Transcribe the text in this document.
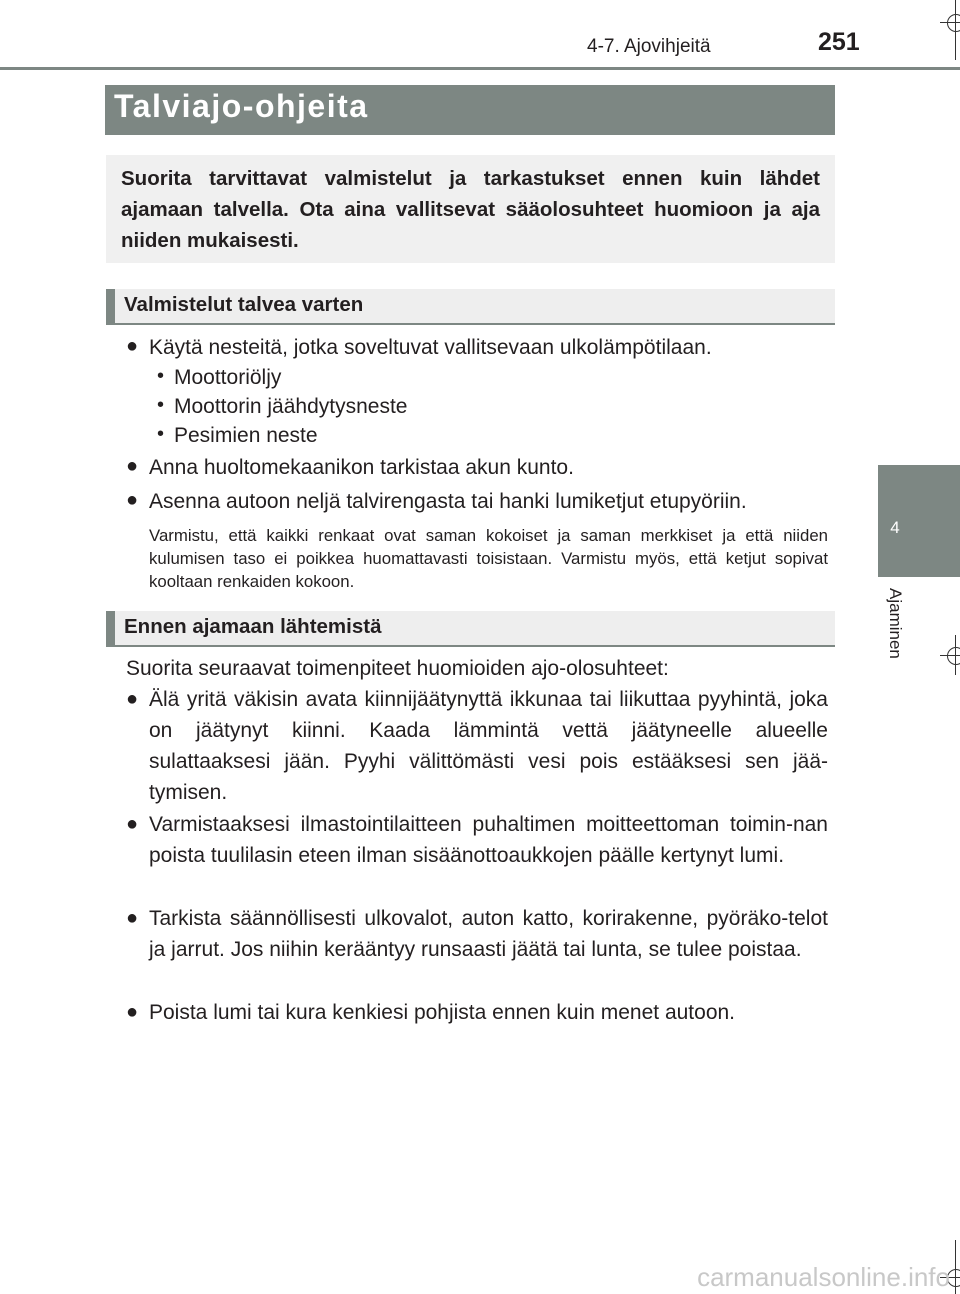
4-7. Ajovihjeitä	251
4
Ajaminen
Talviajo-ohjeita
Suorita tarvittavat valmistelut ja tarkastukset ennen kuin lähdet ajamaan talvella. Ota aina vallitsevat sääolosuhteet huomioon ja aja niiden mukaisesti.
Valmistelut talvea varten
● Käytä nesteitä, jotka soveltuvat vallitsevaan ulkolämpötilaan.
• Moottoriöljy
• Moottorin jäähdytysneste
• Pesimien neste
● Anna huoltomekaanikon tarkistaa akun kunto.
● Asenna autoon neljä talvirengasta tai hanki lumiketjut etupyöriin.
Varmistu, että kaikki renkaat ovat saman kokoiset ja saman merkkiset ja että niiden kulumisen taso ei poikkea huomattavasti toisistaan. Varmistu myös, että ketjut sopivat kooltaan renkaiden kokoon.
Ennen ajamaan lähtemistä
Suorita seuraavat toimenpiteet huomioiden ajo-olosuhteet:
● Älä yritä väkisin avata kiinnijäätynyttä ikkunaa tai liikuttaa pyyhintä, joka on jäätynyt kiinni. Kaada lämmintä vettä jäätyneelle alueelle sulattaaksesi jään. Pyyhi välittömästi vesi pois estääksesi sen jää-tymisen.
● Varmistaaksesi ilmastointilaitteen puhaltimen moitteettoman toimin-nan poista tuulilasin eteen ilman sisäänottoaukkojen päälle kertynyt lumi.
● Tarkista säännöllisesti ulkovalot, auton katto, korirakenne, pyöräko-telot ja jarrut. Jos niihin kerääntyy runsaasti jäätä tai lunta, se tulee poistaa.
● Poista lumi tai kura kenkiesi pohjista ennen kuin menet autoon.
carmanualsonline.info
